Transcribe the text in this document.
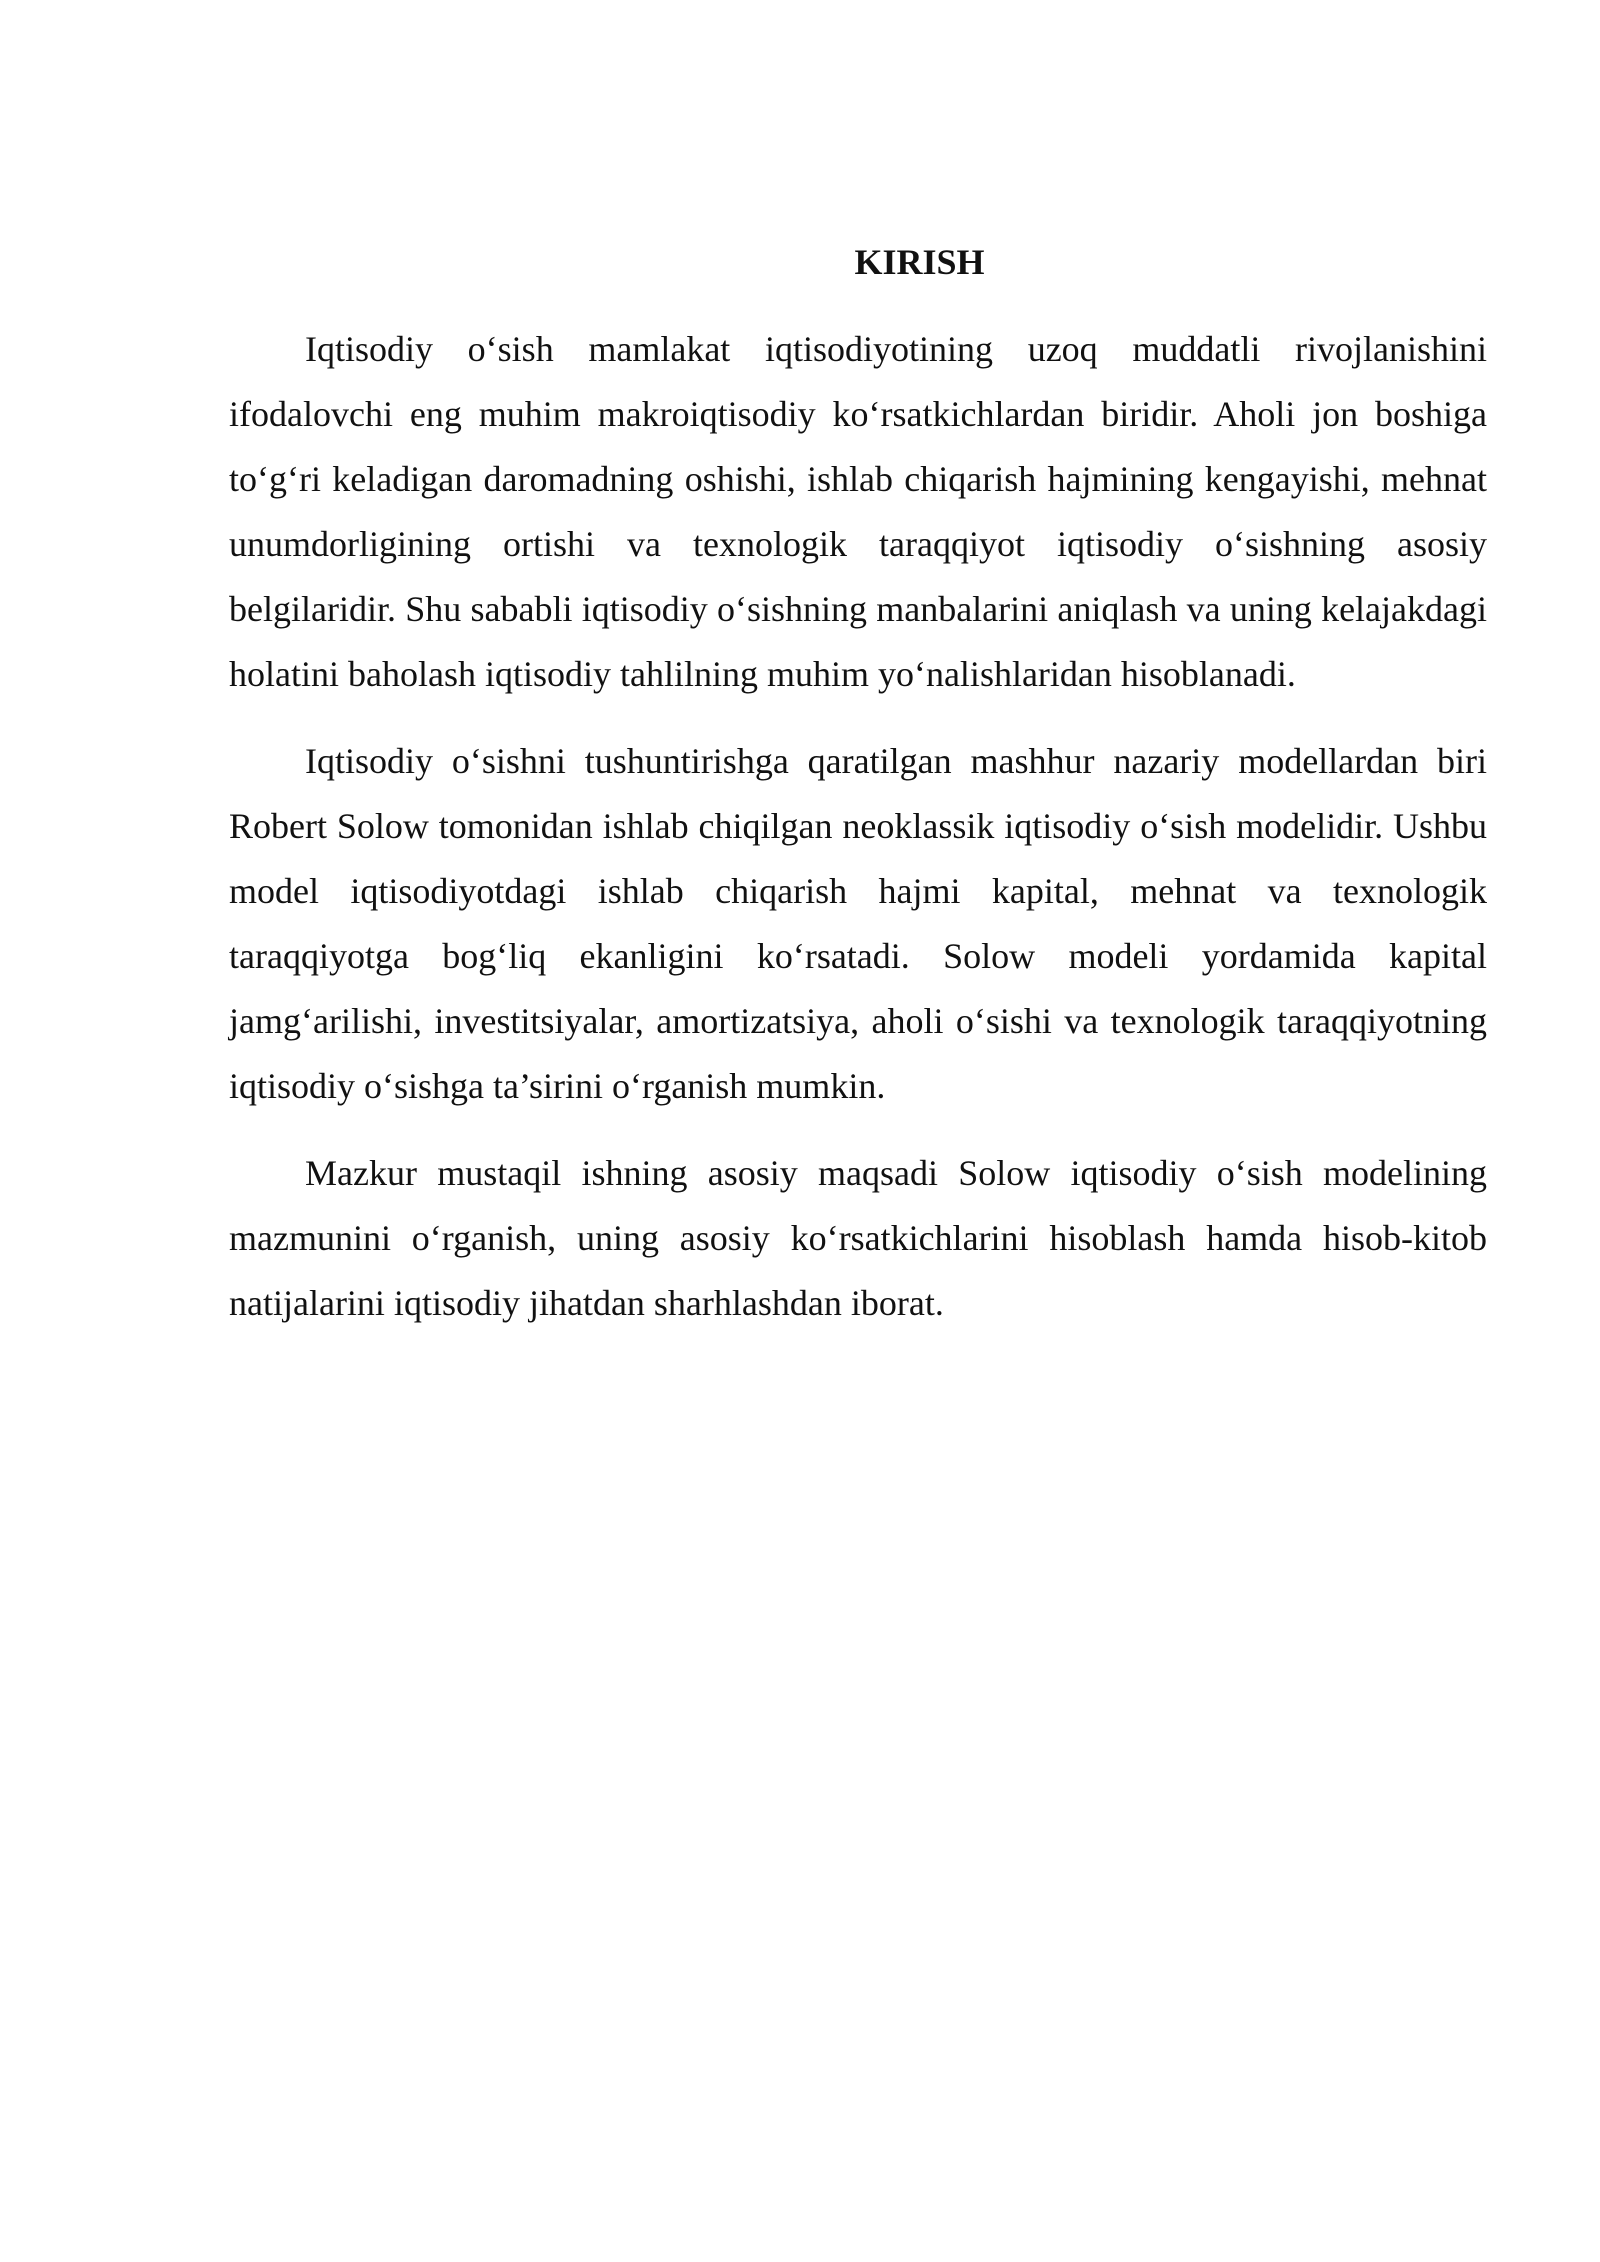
KIRISH

Iqtisodiy o‘sish mamlakat iqtisodiyotining uzoq muddatli rivojlanishini ifodalovchi eng muhim makroiqtisodiy ko‘rsatkichlardan biridir. Aholi jon boshiga to‘g‘ri keladigan daromadning oshishi, ishlab chiqarish hajmining kengayishi, mehnat unumdorligining ortishi va texnologik taraqqiyot iqtisodiy o‘sishning asosiy belgilaridir. Shu sababli iqtisodiy o‘sishning manbalarini aniqlash va uning kelajakdagi holatini baholash iqtisodiy tahlilning muhim yo‘nalishlaridan hisoblanadi.

Iqtisodiy o‘sishni tushuntirishga qaratilgan mashhur nazariy modellardan biri Robert Solow tomonidan ishlab chiqilgan neoklassik iqtisodiy o‘sish modelidir. Ushbu model iqtisodiyotdagi ishlab chiqarish hajmi kapital, mehnat va texnologik taraqqiyotga bog‘liq ekanligini ko‘rsatadi. Solow modeli yordamida kapital jamg‘arilishi, investitsiyalar, amortizatsiya, aholi o‘sishi va texnologik taraqqiyotning iqtisodiy o‘sishga ta’sirini o‘rganish mumkin.

Mazkur mustaqil ishning asosiy maqsadi Solow iqtisodiy o‘sish modelining mazmunini o‘rganish, uning asosiy ko‘rsatkichlarini hisoblash hamda hisob-kitob natijalarini iqtisodiy jihatdan sharhlashdan iborat.
